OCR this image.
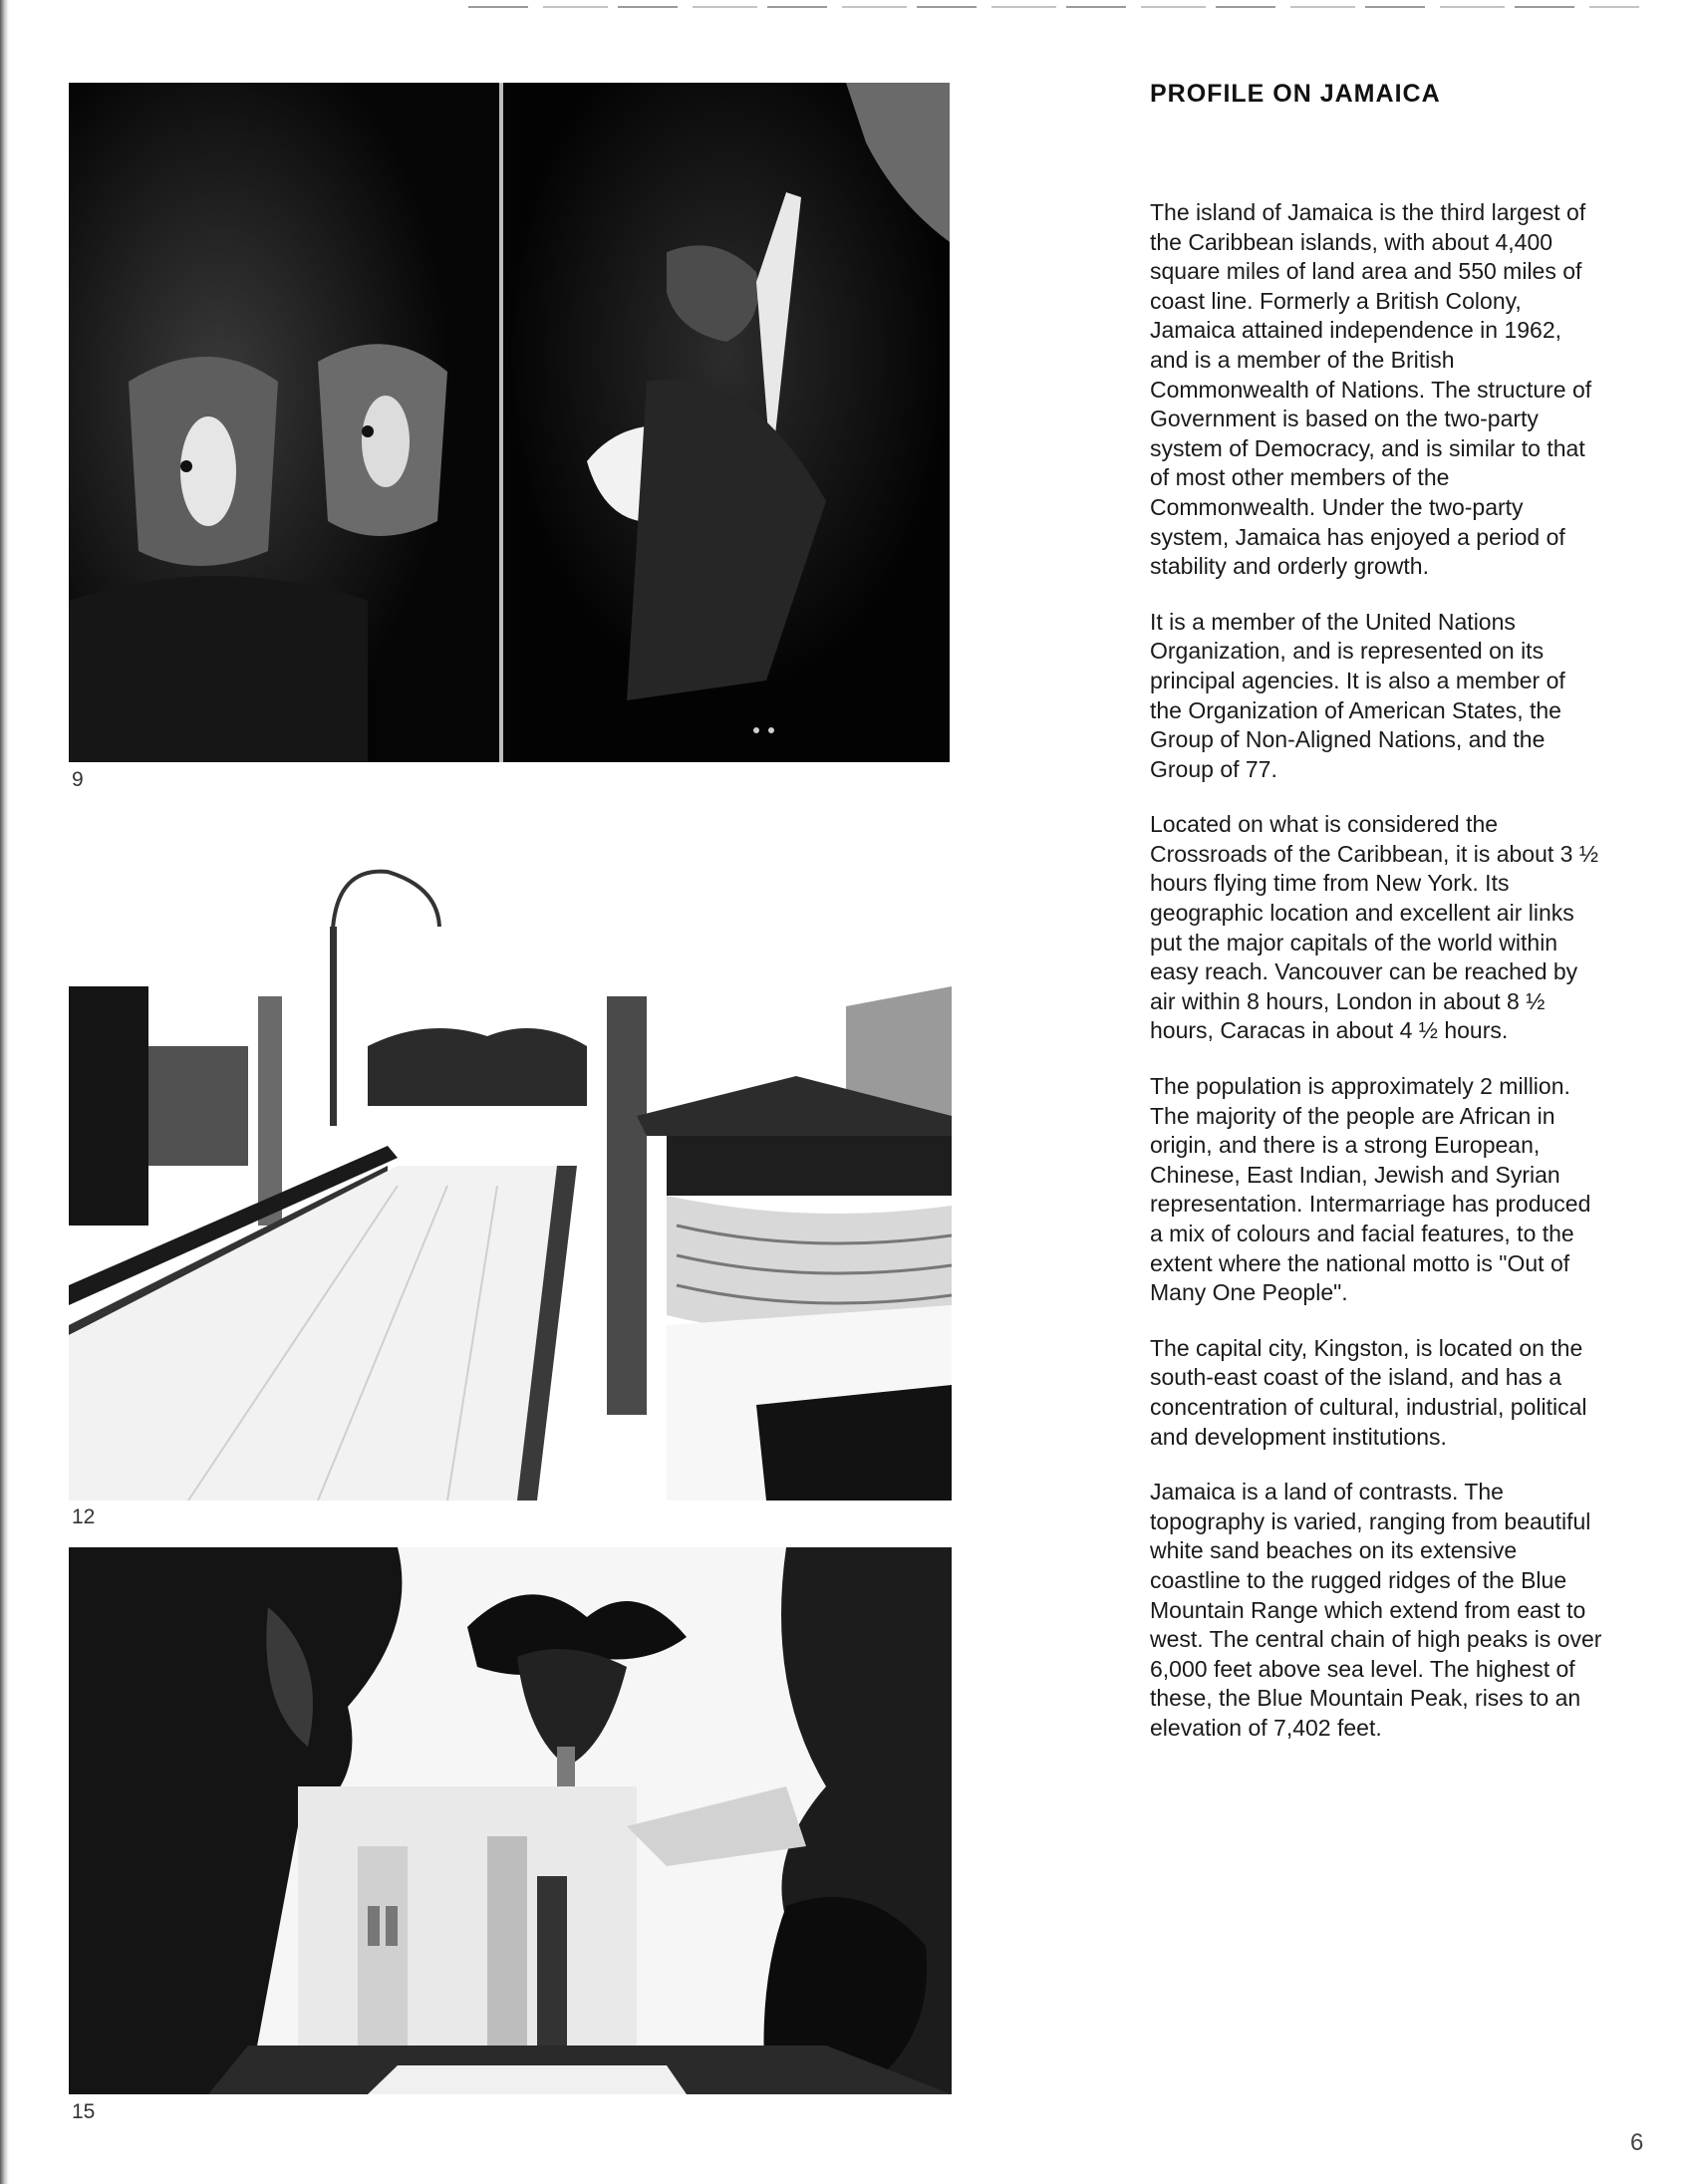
9
12
15
PROFILE ON JAMAICA

The island of Jamaica is the third largest of the Caribbean islands, with about 4,400 square miles of land area and 550 miles of coast line. Formerly a British Colony, Jamaica attained independence in 1962, and is a member of the British Commonwealth of Nations. The structure of Government is based on the two-party system of Democracy, and is similar to that of most other members of the Commonwealth. Under the two-party system, Jamaica has enjoyed a period of stability and orderly growth.

It is a member of the United Nations Organization, and is represented on its principal agencies. It is also a member of the Organization of American States, the Group of Non-Aligned Nations, and the Group of 77.

Located on what is considered the Crossroads of the Caribbean, it is about 3 ½ hours flying time from New York. Its geographic location and excellent air links put the major capitals of the world within easy reach. Vancouver can be reached by air within 8 hours, London in about 8 ½ hours, Caracas in about 4 ½ hours.

The population is approximately 2 million. The majority of the people are African in origin, and there is a strong European, Chinese, East Indian, Jewish and Syrian representation. Intermarriage has produced a mix of colours and facial features, to the extent where the national motto is "Out of Many One People".

The capital city, Kingston, is located on the south-east coast of the island, and has a concentration of cultural, industrial, political and development institutions.

Jamaica is a land of contrasts. The topography is varied, ranging from beautiful white sand beaches on its extensive coastline to the rugged ridges of the Blue Mountain Range which extend from east to west. The central chain of high peaks is over 6,000 feet above sea level. The highest of these, the Blue Mountain Peak, rises to an elevation of 7,402 feet.

6
